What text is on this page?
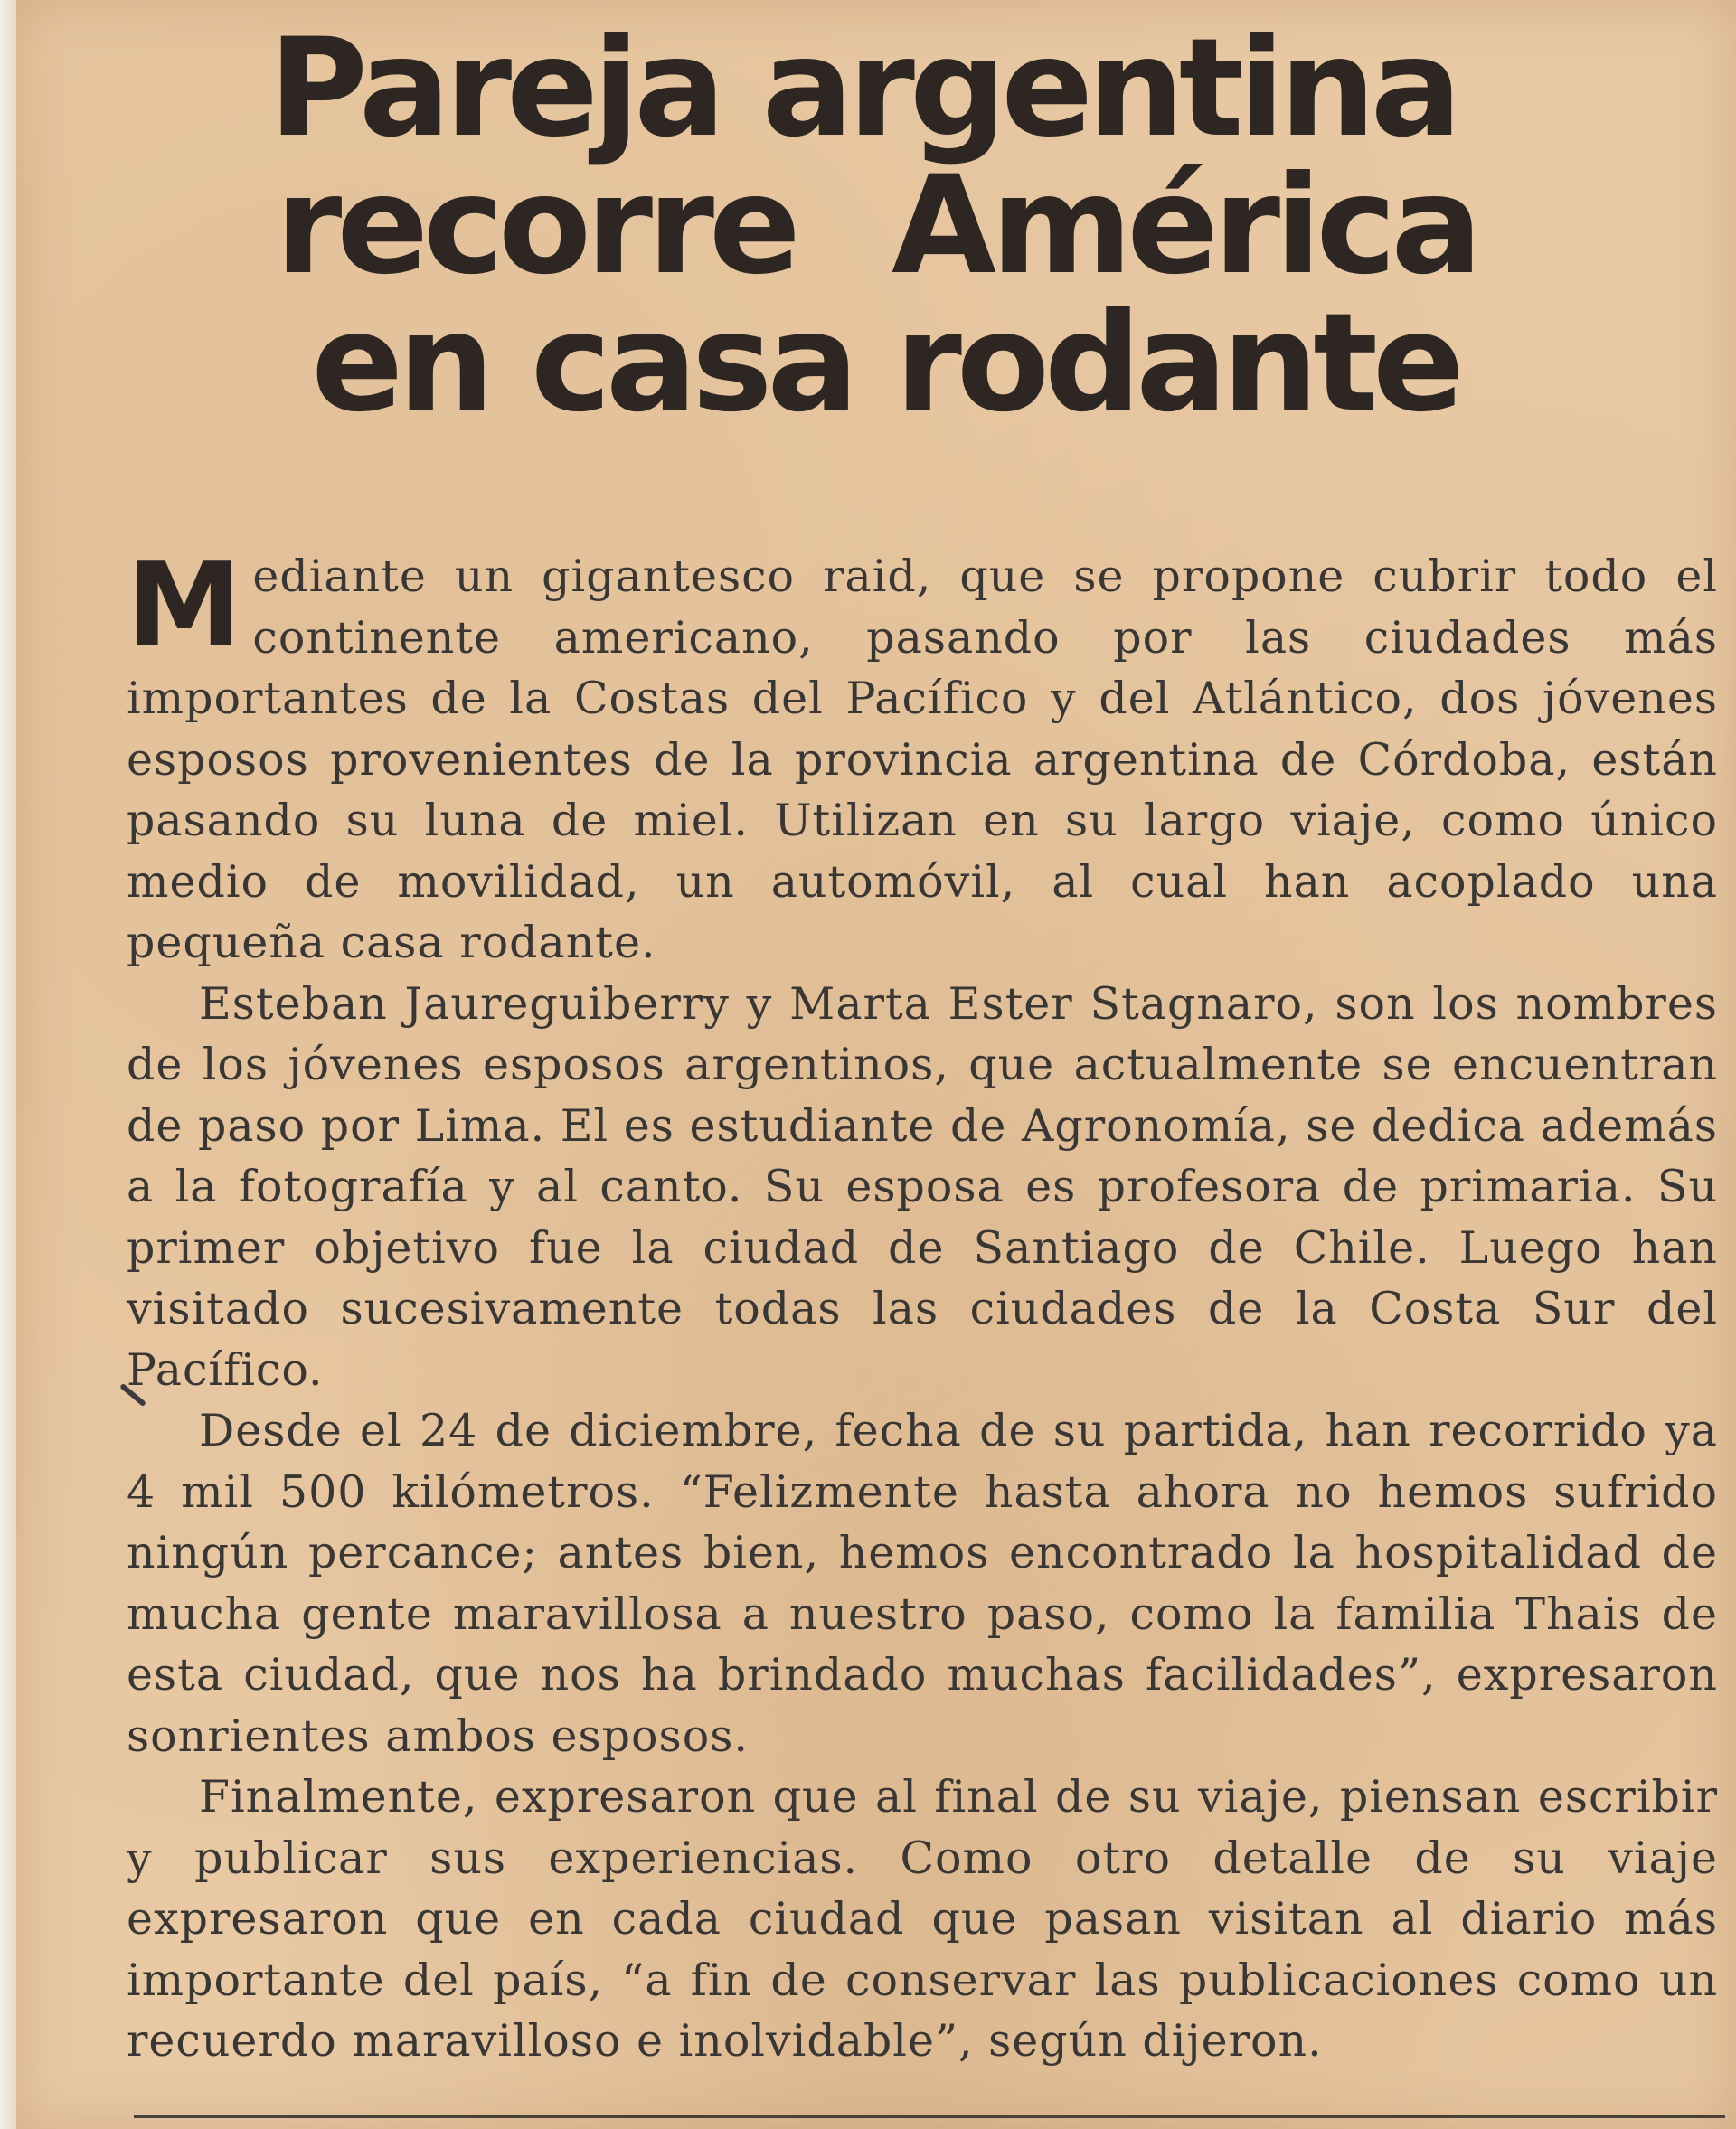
Pareja argentina
recorre América
en casa rodante

Mediante un gigantesco raid, que se propone cubrir todo el continente americano, pasando por las ciudades más importantes de la Costas del Pacífico y del Atlántico, dos jóvenes esposos provenientes de la provincia argentina de Córdoba, están pasando su luna de miel. Utilizan en su largo viaje, como único medio de movilidad, un automóvil, al cual han acoplado una pequeña casa rodante.

Esteban Jaureguiberry y Marta Ester Stagnaro, son los nombres de los jóvenes esposos argentinos, que actualmente se encuentran de paso por Lima. El es estudiante de Agronomía, se dedica además a la fotografía y al canto. Su esposa es profesora de primaria. Su primer objetivo fue la ciudad de Santiago de Chile. Luego han visitado sucesivamente todas las ciudades de la Costa Sur del Pacífico.

Desde el 24 de diciembre, fecha de su partida, han recorrido ya 4 mil 500 kilómetros. “Felizmente hasta ahora no hemos sufrido ningún percance; antes bien, hemos encontrado la hospitalidad de mucha gente maravillosa a nuestro paso, como la familia Thais de esta ciudad, que nos ha brindado muchas facilidades”, expresaron sonrientes ambos esposos.

Finalmente, expresaron que al final de su viaje, piensan escribir y publicar sus experiencias. Como otro detalle de su viaje expresaron que en cada ciudad que pasan visitan al diario más importante del país, “a fin de conservar las publicaciones como un recuerdo maravilloso e inolvidable”, según dijeron.
